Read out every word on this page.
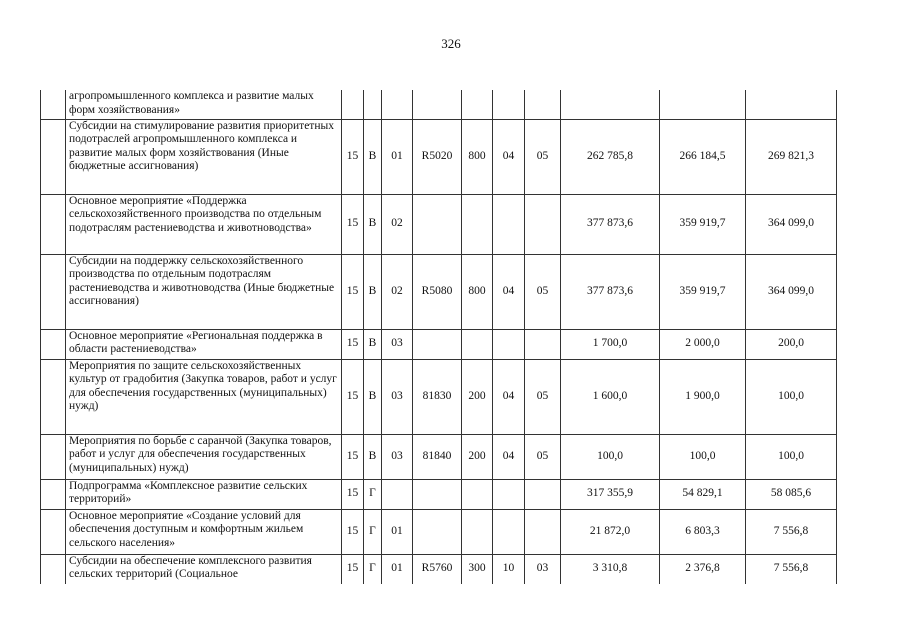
326
	агропромышленного комплекса и развитие малых форм хозяйствования»										
	Субсидии на стимулирование развития приоритетных подотраслей агропромышленного комплекса и развитие малых форм хозяйствования (Иные бюджетные ассигнования)	15	В	01	R5020	800	04	05	262 785,8	266 184,5	269 821,3
	Основное мероприятие «Поддержка сельскохозяйственного производства по отдельным подотраслям растениеводства и животноводства»	15	В	02					377 873,6	359 919,7	364 099,0
	Субсидии на поддержку сельскохозяйственного производства по отдельным подотраслям растениеводства и животноводства (Иные бюджетные ассигнования)	15	В	02	R5080	800	04	05	377 873,6	359 919,7	364 099,0
	Основное мероприятие «Региональная поддержка в области растениеводства»	15	В	03					1 700,0	2 000,0	200,0
	Мероприятия по защите сельскохозяйственных культур от градобития (Закупка товаров, работ и услуг для обеспечения государственных (муниципальных) нужд)	15	В	03	81830	200	04	05	1 600,0	1 900,0	100,0
	Мероприятия по борьбе с саранчой (Закупка товаров, работ и услуг для обеспечения государственных (муниципальных) нужд)	15	В	03	81840	200	04	05	100,0	100,0	100,0
	Подпрограмма «Комплексное развитие сельских территорий»	15	Г						317 355,9	54 829,1	58 085,6
	Основное мероприятие «Создание условий для обеспечения доступным и комфортным жильем сельского населения»	15	Г	01					21 872,0	6 803,3	7 556,8
	Субсидии на обеспечение комплексного развития сельских территорий (Социальное	15	Г	01	R5760	300	10	03	3 310,8	2 376,8	7 556,8
